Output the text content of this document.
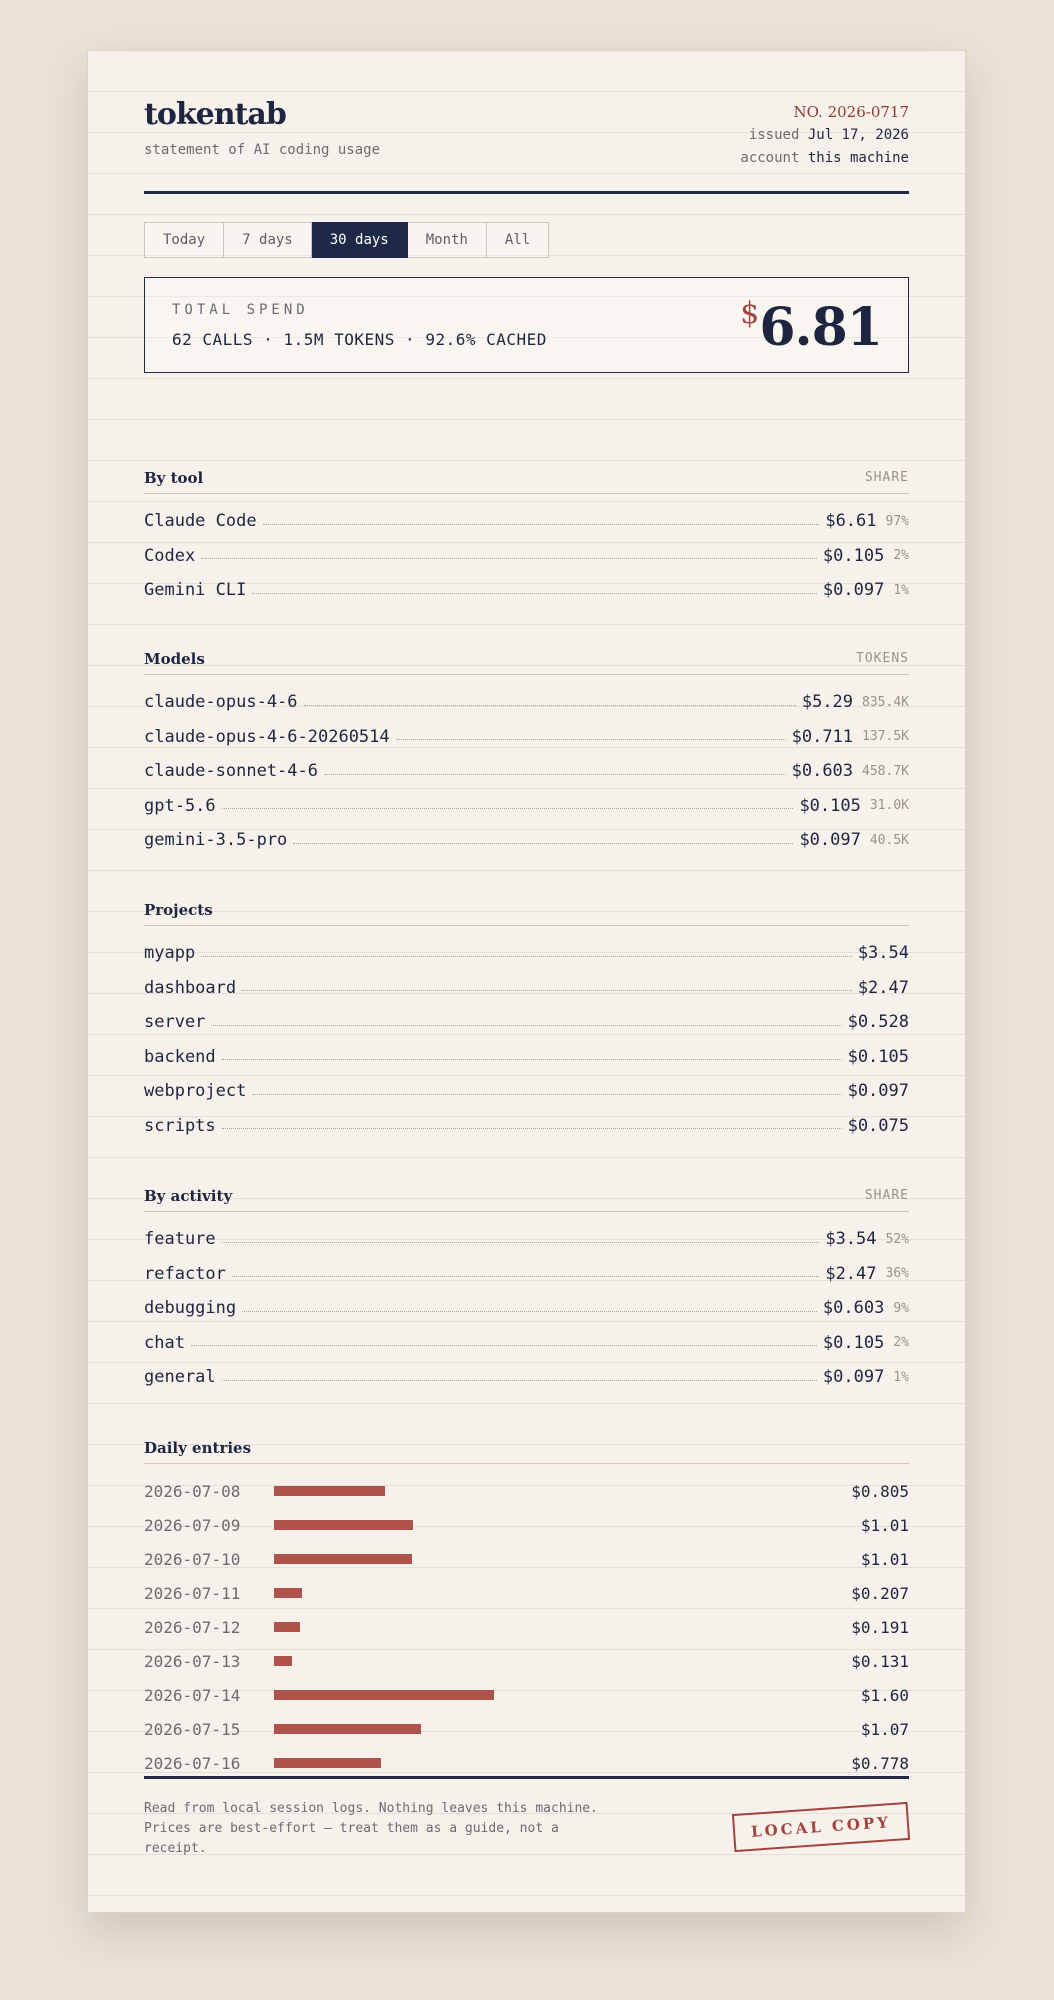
tokentab
statement of AI coding usage
NO. 2026-0717
issued Jul 17, 2026
account this machine
Today	7 days	30 days	Month	All
TOTAL SPEND
62 CALLS · 1.5M TOKENS · 92.6% CACHED
$6.81
By tool	SHARE
Claude Code	$6.61 97%
Codex	$0.105 2%
Gemini CLI	$0.097 1%
Models	TOKENS
claude-opus-4-6	$5.29 835.4K
claude-opus-4-6-20260514	$0.711 137.5K
claude-sonnet-4-6	$0.603 458.7K
gpt-5.6	$0.105 31.0K
gemini-3.5-pro	$0.097 40.5K
Projects
myapp	$3.54
dashboard	$2.47
server	$0.528
backend	$0.105
webproject	$0.097
scripts	$0.075
By activity	SHARE
feature	$3.54 52%
refactor	$2.47 36%
debugging	$0.603 9%
chat	$0.105 2%
general	$0.097 1%
Daily entries
2026-07-08	$0.805
2026-07-09	$1.01
2026-07-10	$1.01
2026-07-11	$0.207
2026-07-12	$0.191
2026-07-13	$0.131
2026-07-14	$1.60
2026-07-15	$1.07
2026-07-16	$0.778
Read from local session logs. Nothing leaves this machine. Prices are best-effort — treat them as a guide, not a receipt.
LOCAL COPY
